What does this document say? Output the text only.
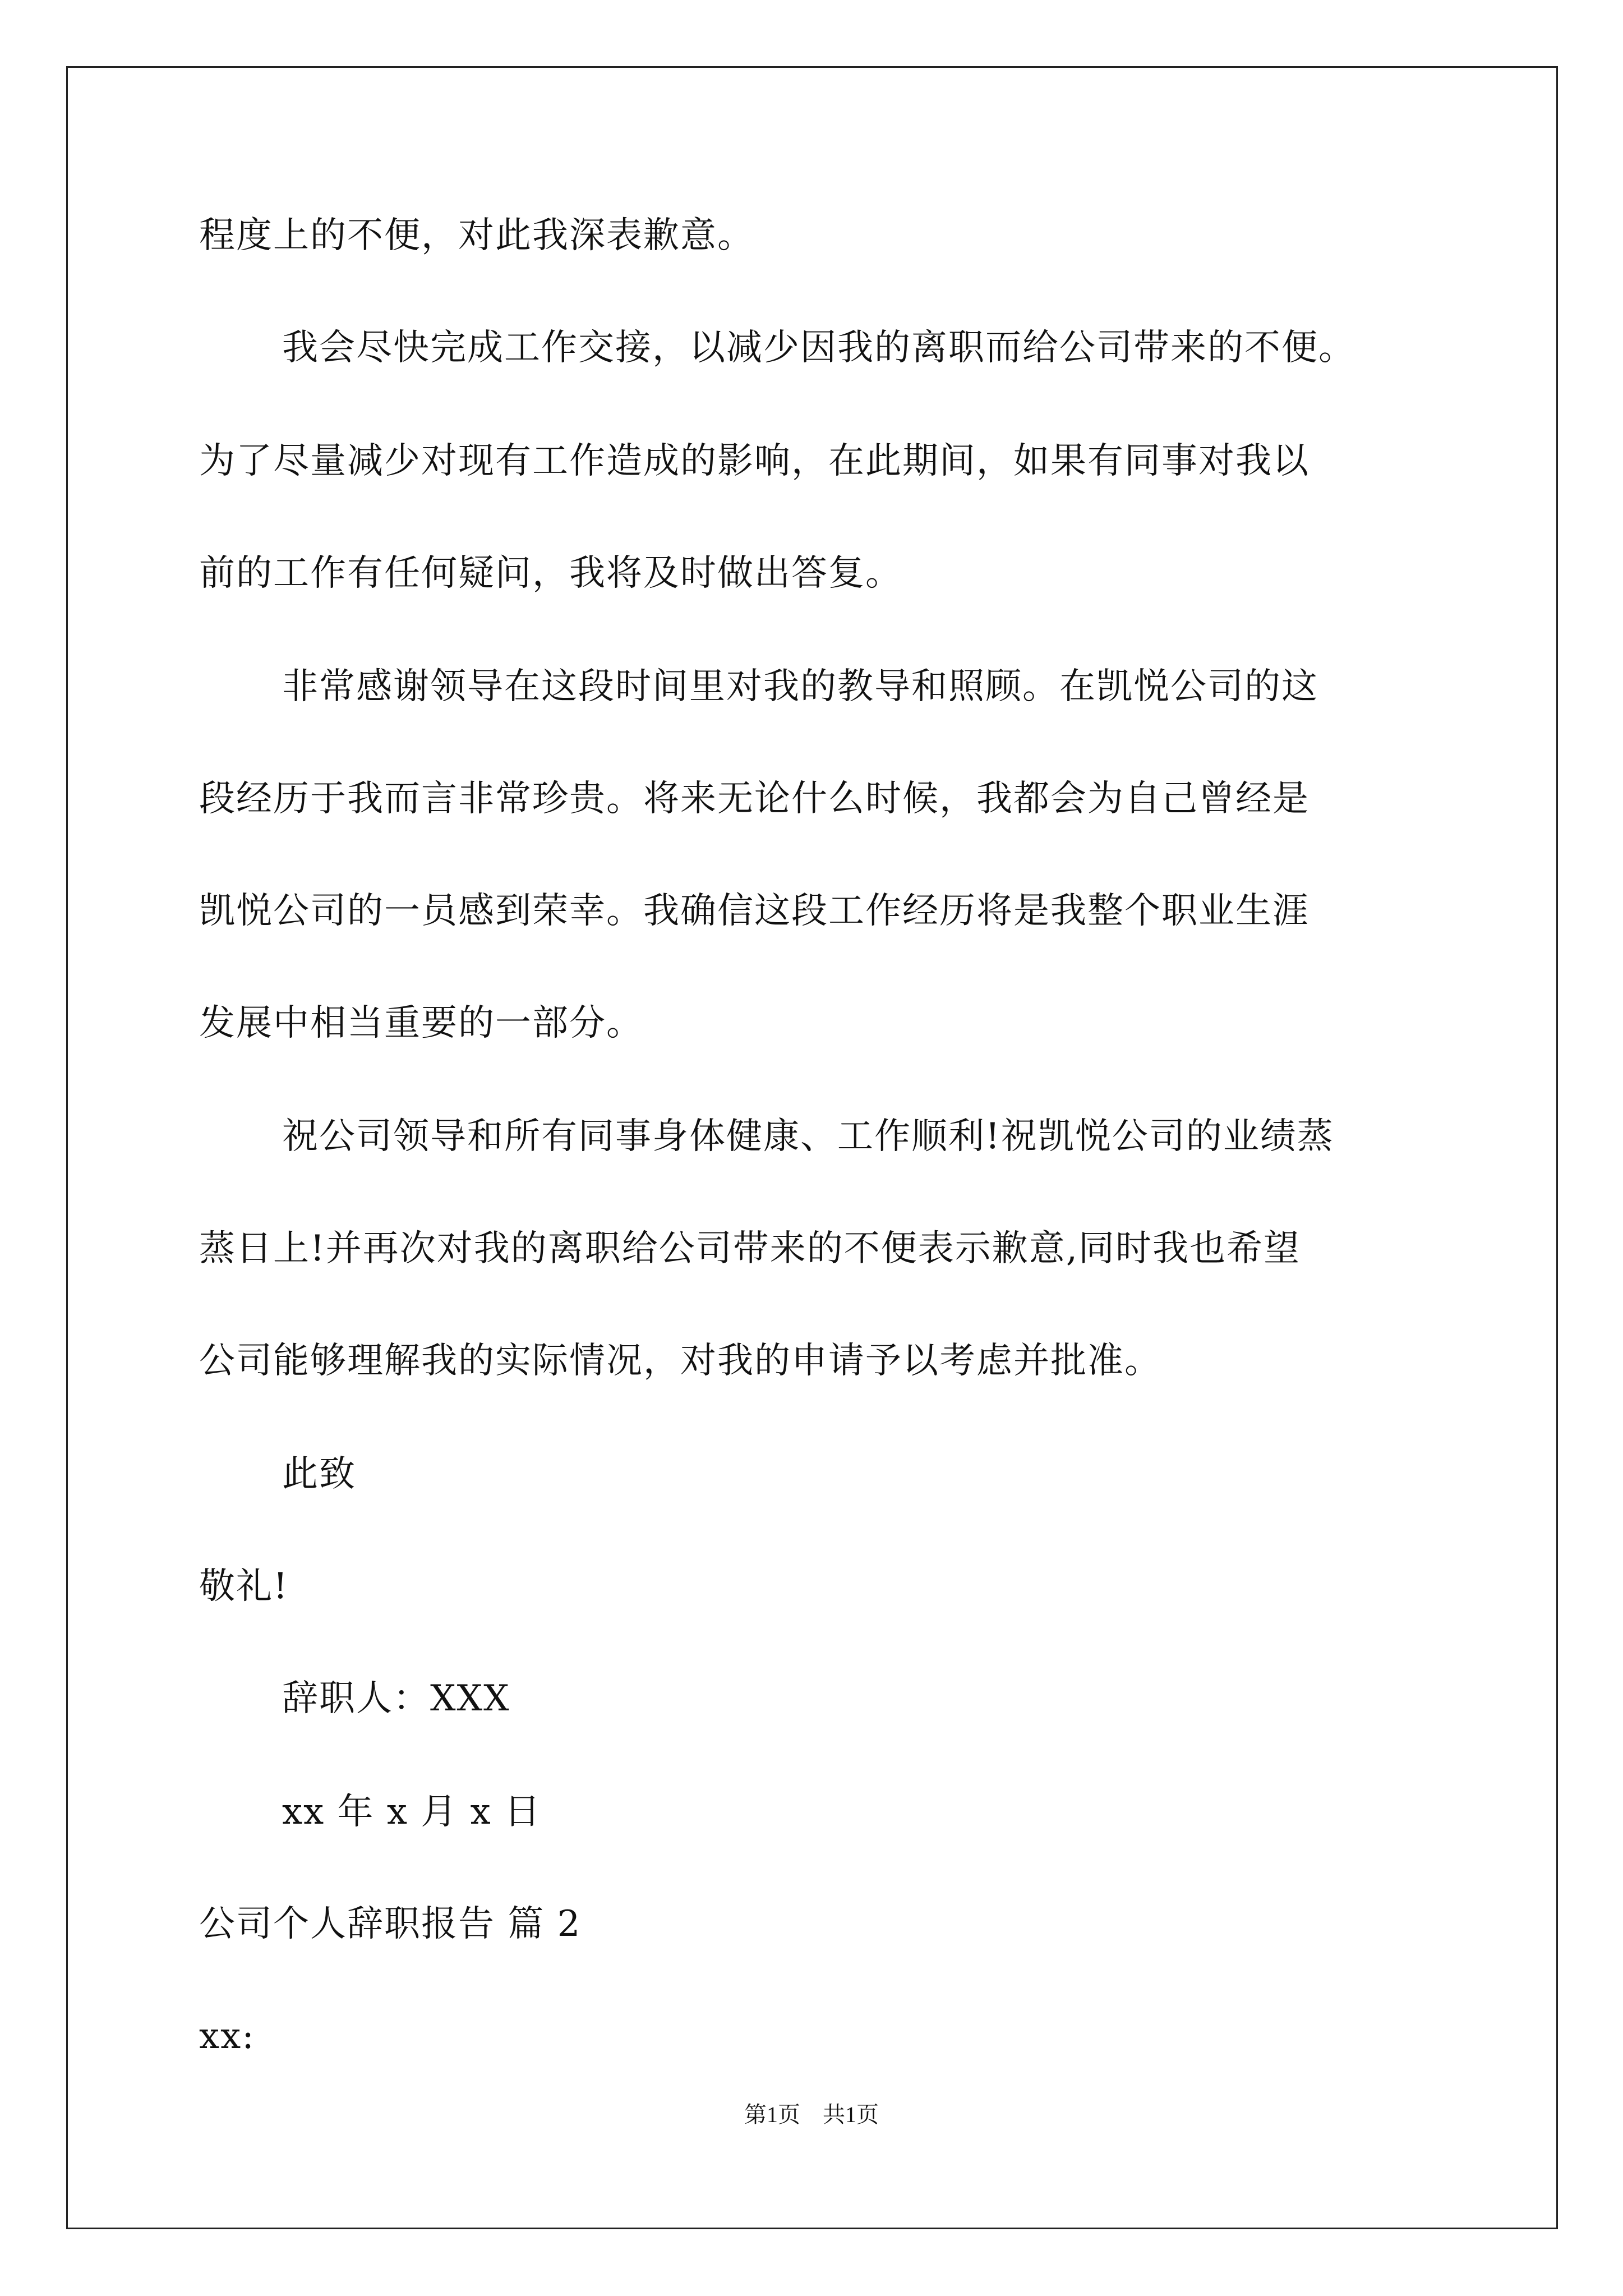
程度上的不便，对此我深表歉意。
我会尽快完成工作交接，以减少因我的离职而给公司带来的不便。
为了尽量减少对现有工作造成的影响，在此期间，如果有同事对我以
前的工作有任何疑问，我将及时做出答复。
非常感谢领导在这段时间里对我的教导和照顾。在凯悦公司的这
段经历于我而言非常珍贵。将来无论什么时候，我都会为自己曾经是
凯悦公司的一员感到荣幸。我确信这段工作经历将是我整个职业生涯
发展中相当重要的一部分。
祝公司领导和所有同事身体健康、工作顺利!祝凯悦公司的业绩蒸
蒸日上!并再次对我的离职给公司带来的不便表示歉意,同时我也希望
公司能够理解我的实际情况，对我的申请予以考虑并批准。
此致
敬礼!
辞职人：XXX
xx 年 x 月 x 日
公司个人辞职报告 篇 2
xx:
第1页　共1页
